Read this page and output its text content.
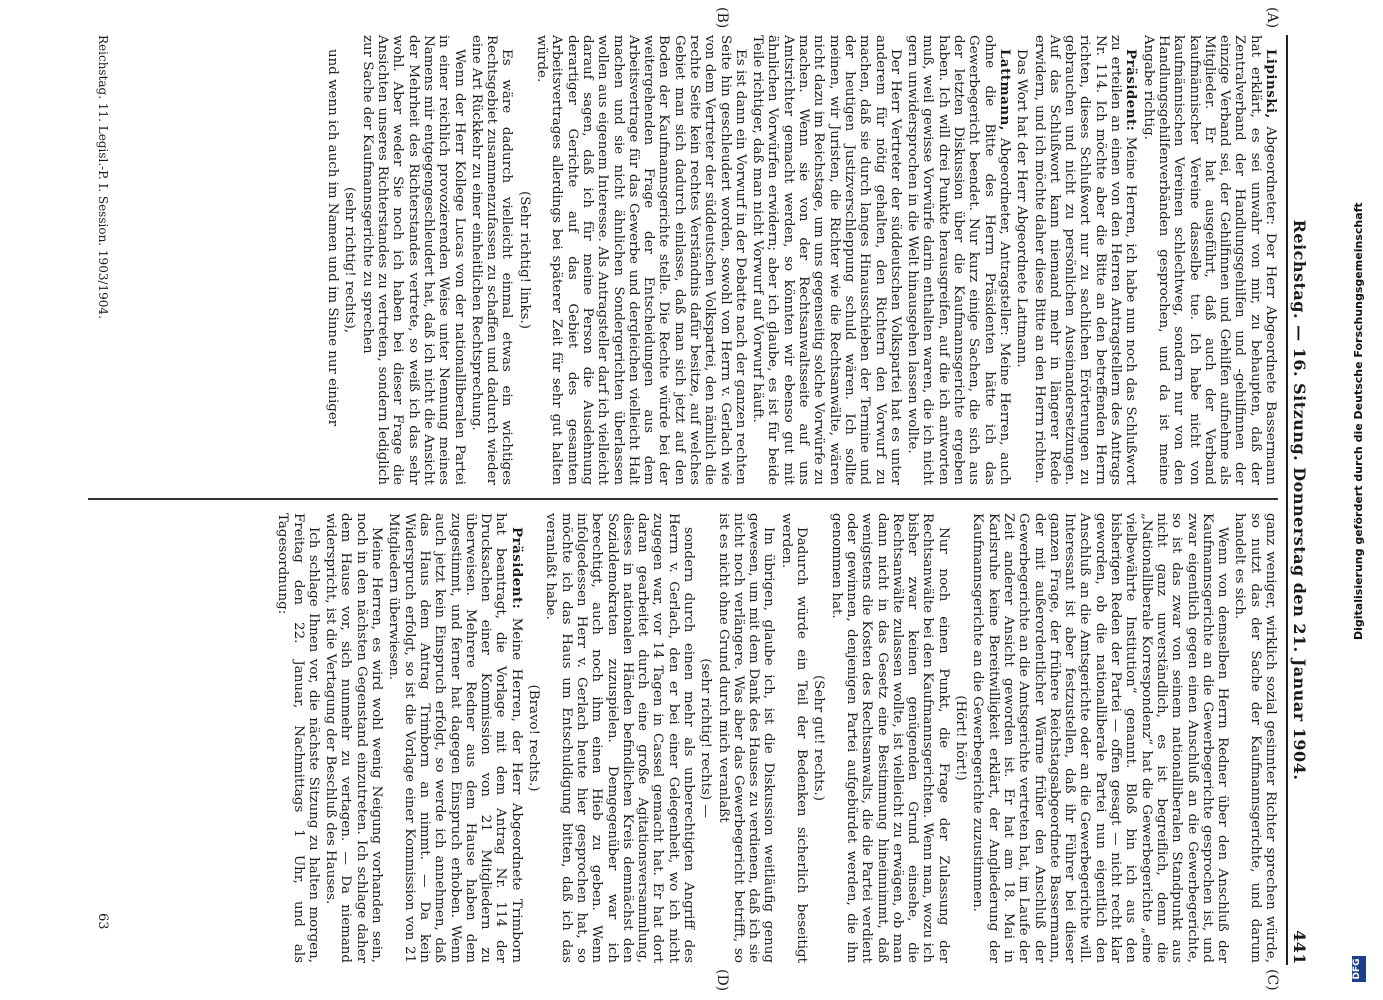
Reichstag. — 16. Sitzung. Donnerstag den 21. Januar 1904.
441
(A)
(B)
(C)
(D)

Lipinski, Abgeordneter: Der Herr Abgeordnete Bassermann hat erklärt, es sei unwahr von mir, zu behaupten, daß der Zentralverband der Handlungsgehilfen und -gehilfinnen der einzige Verband sei, der Gehilfinnen und Gehilfen aufnehme als Mitglieder. Er hat ausgeführt, daß auch der Verband kaufmännischer Vereine dasselbe tue. Ich habe nicht von kaufmännischen Vereinen schlechtweg, sondern nur von den Handlungsgehilfenverbänden gesprochen, und da ist meine Angabe richtig.

Präsident: Meine Herren, ich habe nun noch das Schlußwort zu erteilen an einen von den Herren Antragstellern des Antrags Nr. 114. Ich möchte aber die Bitte an den betreffenden Herrn richten, dieses Schlußwort nur zu sachlichen Erörterungen zu gebrauchen und nicht zu persönlichen Auseinandersetzungen. Auf das Schlußwort kann niemand mehr in längerer Rede erwidern, und ich möchte daher diese Bitte an den Herrn richten.

Das Wort hat der Herr Abgeordnete Lattmann.

Lattmann, Abgeordneter, Antragsteller: Meine Herren, auch ohne die Bitte des Herrn Präsidenten hätte ich das Gewerbegericht beendet. Nur kurz einige Sachen, die sich aus der letzten Diskussion über die Kaufmannsgerichte ergeben haben. Ich will drei Punkte herausgreifen, auf die ich antworten muß, weil gewisse Vorwürfe darin enthalten waren, die ich nicht gern unwidersprochen in die Welt hinausgehen lassen wollte.

Der Herr Vertreter der süddeutschen Volkspartei hat es unter anderem für nötig gehalten, den Richtern den Vorwurf zu machen, daß sie durch langes Hinausschieben der Termine und der heutigen Justizverschleppung schuld wären. Ich sollte meinen, wir Juristen, die Richter wie die Rechtsanwälte, wären nicht dazu im Reichstage, um uns gegenseitig solche Vorwürfe zu machen. Wenn sie von der Rechtsanwaltsseite auf uns Amtsrichter gemacht werden, so könnten wir ebenso gut mit ähnlichen Vorwürfen erwidern; aber ich glaube, es ist für beide Teile richtiger, daß man nicht Vorwurf auf Vorwurf häuft.

Es ist dann ein Vorwurf in der Debatte nach der ganzen rechten Seite hin geschleudert worden, sowohl von Herrn v. Gerlach wie von dem Vertreter der süddeutschen Volkspartei, den nämlich die rechte Seite kein rechtes Verständnis dafür besitze, auf welches Gebiet man sich dadurch einlasse, daß man sich jetzt auf den Boden der Kaufmannsgerichte stelle. Die Rechte würde bei der weitergehenden Frage der Entscheidungen aus dem Arbeitsvertrage für das Gewerbe und dergleichen vielleicht Halt machen und sie nicht ähnlichen Sondergerichten überlassen wollen aus eigenem Interesse. Als Antragsteller darf ich vielleicht darauf sagen, daß ich für meine Person die Ausdehnung derartiger Gerichte auf das Gebiet des gesamten Arbeitsvertrages allerdings bei späterer Zeit für sehr gut halten würde.

(Sehr richtig! links.)

Es wäre dadurch vielleicht einmal etwas ein wichtiges Rechtsgebiet zusammenzufassen zu schaffen und dadurch wieder eine Art Rückkehr zu einer einheitlichen Rechtsprechung.

Wenn der Herr Kollege Lucas von der nationalliberalen Partei in einer reichlich provozierenden Weise unter Nennung meines Namens mir entgegengeschleudert hat, daß ich nicht die Ansicht der Mehrheit des Richterstandes vertrete, so weiß ich das sehr wohl. Aber weder Sie noch ich haben bei dieser Frage die Ansichten unseres Richterstandes zu vertreten, sondern lediglich zur Sache der Kaufmannsgerichte zu sprechen

(sehr richtig! rechts),

und wenn ich auch im Namen und im Sinne nur einiger

ganz weniger, wirklich sozial gesinnter Richter sprechen würde, so nutzt das der Sache der Kaufmannsgerichte, und darum handelt es sich.

Wenn von demselben Herrn Redner über den Anschluß der Kaufmannsgerichte an die Gewerbegerichte gesprochen ist, und zwar eigentlich gegen einen Anschluß an die Gewerbegerichte, so ist das zwar von seinem nationalliberalen Standpunkt aus nicht ganz unverständlich, es ist begreiflich, denn die „Nationalliberale Korrespondenz“ hat die Gewerbegerichte „eine vielbewährte Institution“ genannt. Bloß bin ich aus den bisherigen Reden der Partei — offen gesagt — nicht recht klar geworden, ob die nationalliberale Partei nun eigentlich den Anschluß an die Amtsgerichte oder an die Gewerbegerichte will. Interessant ist aber festzustellen, daß ihr Führer bei dieser ganzen Frage, der frühere Reichstagsabgeordnete Bassermann, der mit außerordentlicher Wärme früher den Anschluß der Gewerbegerichte an die Amtsgerichte vertreten hat, im Laufe der Zeit anderer Ansicht geworden ist. Er hat am 18. Mai in Karlsruhe keine Bereitwilligkeit erklärt, der Angliederung der Kaufmannsgerichte an die Gewerbegerichte zuzustimmen.

(Hört! hört!)

Nur noch einen Punkt, die Frage der Zulassung der Rechtsanwälte bei den Kaufmannsgerichten. Wenn man, wozu ich bisher zwar keinen genügenden Grund einsehe, die Rechtsanwälte zulassen wollte, ist vielleicht zu erwägen, ob man dann nicht in das Gesetz eine Bestimmung hineinnimmt, daß wenigstens die Kosten des Rechtsanwalts, die die Partei verdient oder gewinnen, denjenigen Partei aufgebürdet werden, die ihn genommen hat.

(Sehr gut! rechts.)

Dadurch würde ein Teil der Bedenken sicherlich beseitigt werden.

Im übrigen, glaube ich, ist die Diskussion weitläufig genug gewesen, um mit dem Dank des Hauses zu verdienen, daß ich sie nicht noch verlängere. Was aber das Gewerbegericht betrifft, so ist es nicht ohne Grund durch mich veranlaßt

(sehr richtig! rechts) —

sondern durch einen mehr als unberechtigten Angriff des Herrn v. Gerlach, den er bei einer Gelegenheit, wo ich nicht zugegen war, vor 14 Tagen in Cassel gemacht hat. Er hat dort daran gearbeitet durch eine große Agitationsversammlung, dieses in nationalen Händen befindlichen Kreis demnächst den Sozialdemokraten zuzuspielen. Demgegenüber war ich berechtigt, auch noch ihm einen Hieb zu geben. Wenn infolgedessen Herr v. Gerlach heute hier gesprochen hat, so möchte ich das Haus um Entschuldigung bitten, daß ich das veranlaßt habe.

(Bravo! rechts.)

Präsident: Meine Herren, der Herr Abgeordnete Trimborn hat beantragt, die Vorlage mit dem Antrag Nr. 114 der Drucksachen einer Kommission von 21 Mitgliedern zu überweisen. Mehrere Redner aus dem Hause haben dem zugestimmt, und ferner hat dagegen Einspruch erhoben. Wenn auch jetzt kein Einspruch erfolgt, so werde ich annehmen, daß das Haus dem Antrag Trimborn an nimmt. — Da kein Widerspruch erfolgt, so ist die Vorlage einer Kommission von 21 Mitgliedern überwiesen.

Meine Herren, es wird wohl wenig Neigung vorhanden sein, noch in den nächsten Gegenstand einzutreten. Ich schlage daher dem Hause vor, sich nunmehr zu vertagen. — Da niemand widerspricht, ist die Vertagung der Beschluß des Hauses.

Ich schlage Ihnen vor, die nächste Sitzung zu halten morgen, Freitag den 22. Januar, Nachmittags 1 Uhr, und als Tagesordnung:

Reichstag. 11. Legisl.-P. I. Session. 1903/1904.
63
Digitalisierung gefördert durch die Deutsche Forschungsgemeinschaft
DFG
